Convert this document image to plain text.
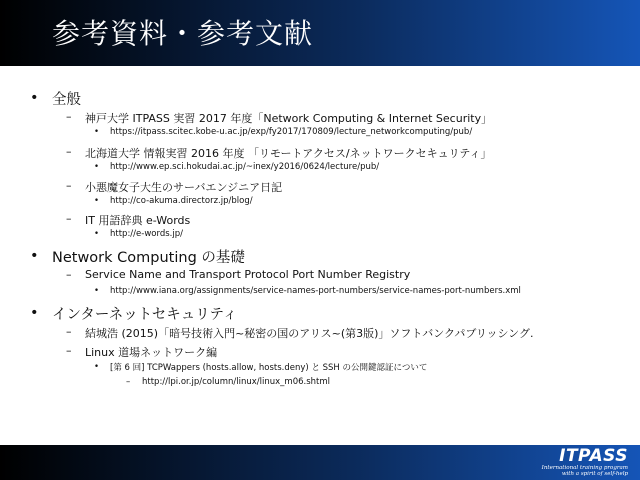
参考資料・参考文献
• 全般
– 神戸大学 ITPASS 実習 2017 年度「Network Computing & Internet Security」
• https://itpass.scitec.kobe-u.ac.jp/exp/fy2017/170809/lecture_networkcomputing/pub/
– 北海道大学 情報実習 2016 年度 「リモートアクセス/ネットワークセキュリティ」
• http://www.ep.sci.hokudai.ac.jp/~inex/y2016/0624/lecture/pub/
– 小悪魔女子大生のサーバエンジニア日記
• http://co-akuma.directorz.jp/blog/
– IT 用語辞典 e-Words
• http://e-words.jp/
• Network Computing の基礎
– Service Name and Transport Protocol Port Number Registry
• http://www.iana.org/assignments/service-names-port-numbers/service-names-port-numbers.xml
• インターネットセキュリティ
– 結城浩 (2015)「暗号技術入門~秘密の国のアリス~(第3版)」ソフトバンクパブリッシング.
– Linux 道場ネットワーク編
• [第 6 回] TCPWappers (hosts.allow, hosts.deny) と SSH の公開鍵認証について
– http://lpi.or.jp/column/linux/linux_m06.shtml
ITPASS
International training program
with a spirit of self-help
